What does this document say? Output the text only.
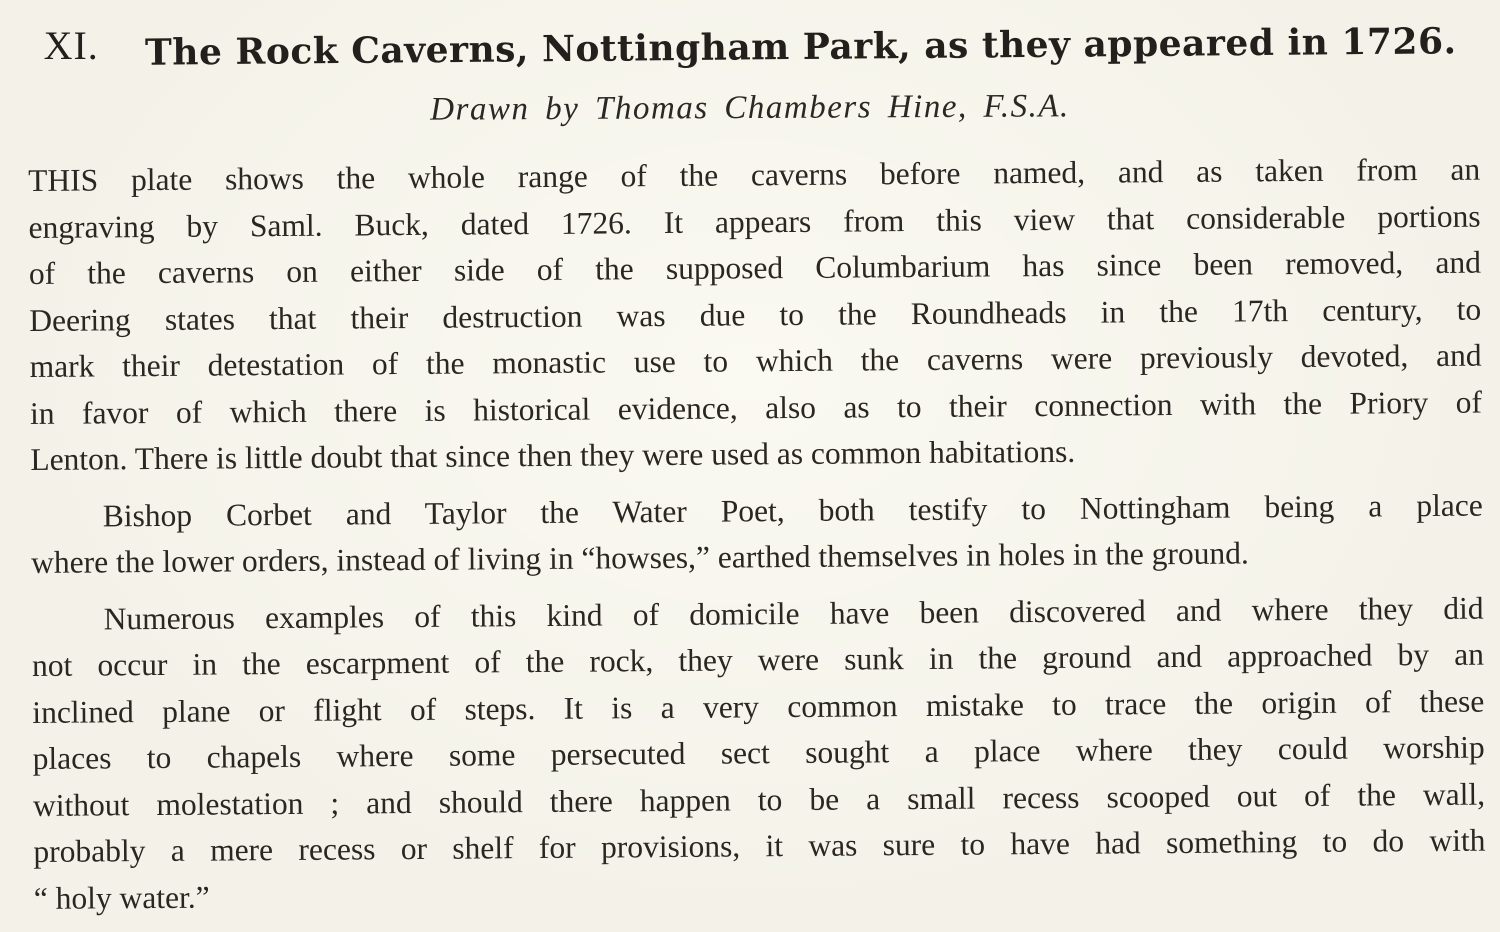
XI. The Rock Caverns, Nottingham Park, as they appeared in 1726.
Drawn by Thomas Chambers Hine, F.S.A.
THIS plate shows the whole range of the caverns before named, and as taken from an
engraving by Saml. Buck, dated 1726. It appears from this view that considerable portions
of the caverns on either side of the supposed Columbarium has since been removed, and
Deering states that their destruction was due to the Roundheads in the 17th century, to
mark their detestation of the monastic use to which the caverns were previously devoted, and
in favor of which there is historical evidence, also as to their connection with the Priory of
Lenton. There is little doubt that since then they were used as common habitations.
Bishop Corbet and Taylor the Water Poet, both testify to Nottingham being a place
where the lower orders, instead of living in “howses,” earthed themselves in holes in the ground.
Numerous examples of this kind of domicile have been discovered and where they did
not occur in the escarpment of the rock, they were sunk in the ground and approached by an
inclined plane or flight of steps. It is a very common mistake to trace the origin of these
places to chapels where some persecuted sect sought a place where they could worship
without molestation ; and should there happen to be a small recess scooped out of the wall,
probably a mere recess or shelf for provisions, it was sure to have had something to do with
“ holy water.”
